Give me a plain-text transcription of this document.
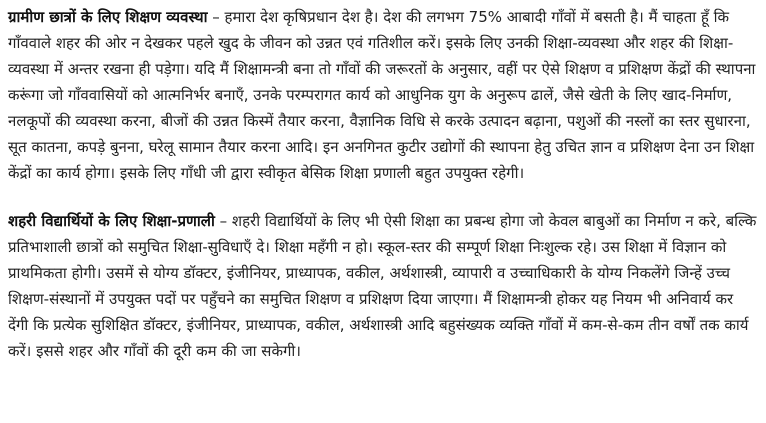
ग्रामीण छात्रों के लिए शिक्षण व्यवस्था – हमारा देश कृषिप्रधान देश है। देश की लगभग 75% आबादी गाँवों में बसती है। मैं चाहता हूँ कि गाँववाले शहर की ओर न देखकर पहले खुद के जीवन को उन्नत एवं गतिशील करें। इसके लिए उनकी शिक्षा-व्यवस्था और शहर की शिक्षा-व्यवस्था में अन्तर रखना ही पड़ेगा। यदि मैं शिक्षामन्त्री बना तो गाँवों की जरूरतों के अनुसार, वहीं पर ऐसे शिक्षण व प्रशिक्षण केंद्रों की स्थापना करूंगा जो गाँववासियों को आत्मनिर्भर बनाएँ, उनके परम्परागत कार्य को आधुनिक युग के अनुरूप ढालें, जैसे खेती के लिए खाद-निर्माण, नलकूपों की व्यवस्था करना, बीजों की उन्नत किस्में तैयार करना, वैज्ञानिक विधि से करके उत्पादन बढ़ाना, पशुओं की नस्लों का स्तर सुधारना, सूत कातना, कपड़े बुनना, घरेलू सामान तैयार करना आदि। इन अनगिनत कुटीर उद्योगों की स्थापना हेतु उचित ज्ञान व प्रशिक्षण देना उन शिक्षा केंद्रों का कार्य होगा। इसके लिए गाँधी जी द्वारा स्वीकृत बेसिक शिक्षा प्रणाली बहुत उपयुक्त रहेगी।

शहरी विद्यार्थियों के लिए शिक्षा-प्रणाली – शहरी विद्यार्थियों के लिए भी ऐसी शिक्षा का प्रबन्ध होगा जो केवल बाबुओं का निर्माण न करे, बल्कि प्रतिभाशाली छात्रों को समुचित शिक्षा-सुविधाएँ दे। शिक्षा महँगी न हो। स्कूल-स्तर की सम्पूर्ण शिक्षा निःशुल्क रहे। उस शिक्षा में विज्ञान को प्राथमिकता होगी। उसमें से योग्य डॉक्टर, इंजीनियर, प्राध्यापक, वकील, अर्थशास्त्री, व्यापारी व उच्चाधिकारी के योग्य निकलेंगे जिन्हें उच्च शिक्षण-संस्थानों में उपयुक्त पदों पर पहुँचने का समुचित शिक्षण व प्रशिक्षण दिया जाएगा। मैं शिक्षामन्त्री होकर यह नियम भी अनिवार्य कर देंगी कि प्रत्येक सुशिक्षित डॉक्टर, इंजीनियर, प्राध्यापक, वकील, अर्थशास्त्री आदि बहुसंख्यक व्यक्ति गाँवों में कम-से-कम तीन वर्षों तक कार्य करें। इससे शहर और गाँवों की दूरी कम की जा सकेगी।
